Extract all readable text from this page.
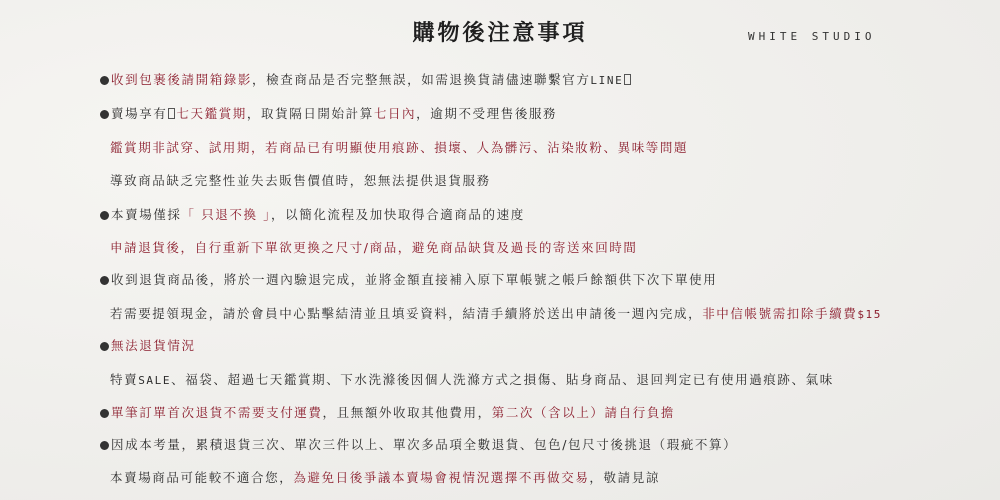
購物後注意事項	WHITE STUDIO
收到包裹後請開箱錄影，檢查商品是否完整無誤，如需退換貨請儘速聯繫官方LINE
賣場享有 七天鑑賞期，取貨隔日開始計算七日內，逾期不受理售後服務
鑑賞期非試穿、試用期，若商品已有明顯使用痕跡、損壞、人為髒污、沾染妝粉、異味等問題
導致商品缺乏完整性並失去販售價值時，恕無法提供退貨服務
本賣場僅採「 只退不換 」，以簡化流程及加快取得合適商品的速度
申請退貨後，自行重新下單欲更換之尺寸/商品，避免商品缺貨及過長的寄送來回時間
收到退貨商品後，將於一週內驗退完成，並將金額直接補入原下單帳號之帳戶餘額供下次下單使用
若需要提領現金，請於會員中心點擊結清並且填妥資料，結清手續將於送出申請後一週內完成，非中信帳號需扣除手續費$15
無法退貨情況
特賣SALE、福袋、超過七天鑑賞期、下水洗滌後因個人洗滌方式之損傷、貼身商品、退回判定已有使用過痕跡、氣味
單筆訂單首次退貨不需要支付運費，且無額外收取其他費用，第二次（含以上）請自行負擔
因成本考量，累積退貨三次、單次三件以上、單次多品項全數退貨、包色/包尺寸後挑退（瑕疵不算）
本賣場商品可能較不適合您，為避免日後爭議本賣場會視情況選擇不再做交易，敬請見諒
